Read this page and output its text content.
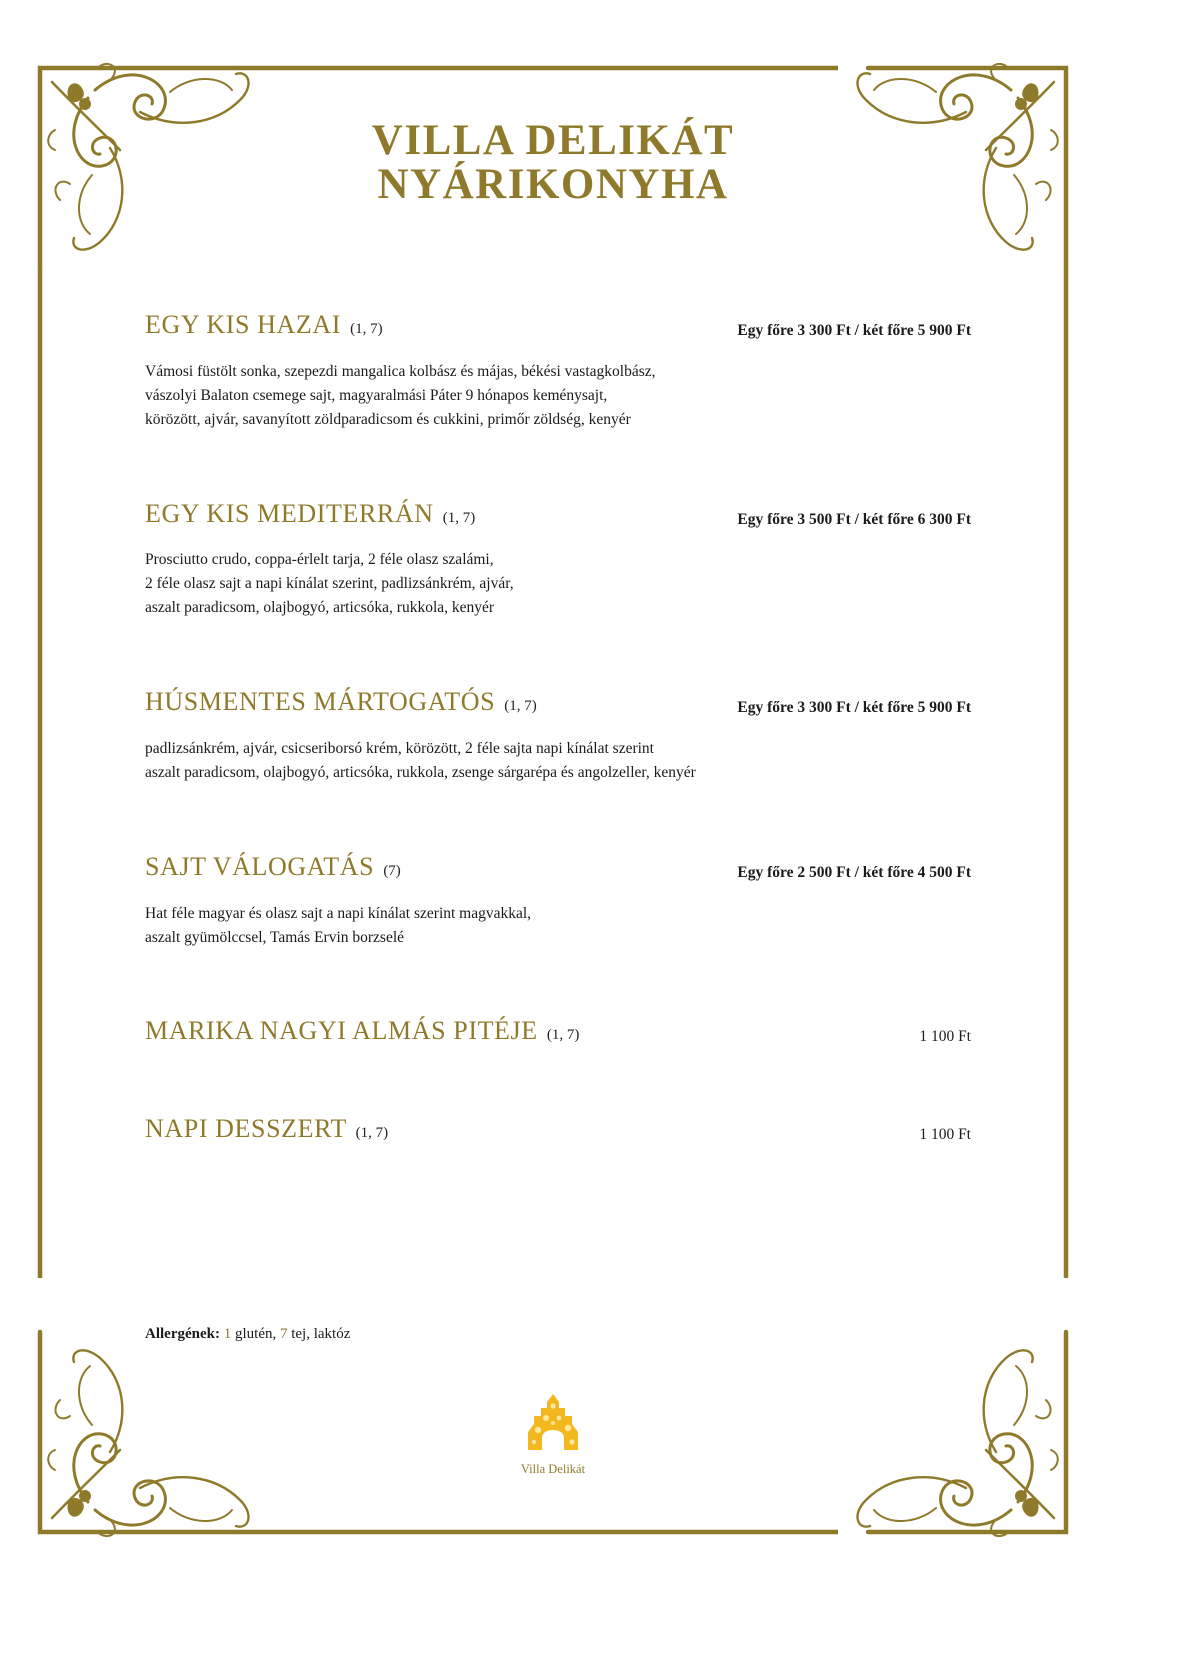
VILLA DELIKÁT
NYÁRIKONYHA
EGY KIS HAZAI (1, 7)	Egy főre 3 300 Ft / két főre 5 900 Ft

Vámosi füstölt sonka, szepezdi mangalica kolbász és májas, békési vastagkolbász,
vászolyi Balaton csemege sajt, magyaralmási Páter 9 hónapos keménysajt,
körözött, ajvár, savanyított zöldparadicsom és cukkini, primőr zöldség, kenyér

EGY KIS MEDITERRÁN (1, 7)	Egy főre 3 500 Ft / két főre 6 300 Ft

Prosciutto crudo, coppa-érlelt tarja, 2 féle olasz szalámi,
2 féle olasz sajt a napi kínálat szerint, padlizsánkrém, ajvár,
aszalt paradicsom, olajbogyó, articsóka, rukkola, kenyér

HÚSMENTES MÁRTOGATÓS (1, 7)	Egy főre 3 300 Ft / két főre 5 900 Ft

padlizsánkrém, ajvár, csicseriborsó krém, körözött, 2 féle sajta napi kínálat szerint
aszalt paradicsom, olajbogyó, articsóka, rukkola, zsenge sárgarépa és angolzeller, kenyér

SAJT VÁLOGATÁS (7)	Egy főre 2 500 Ft / két főre 4 500 Ft

Hat féle magyar és olasz sajt a napi kínálat szerint magvakkal,
aszalt gyümölccsel, Tamás Ervin borzselé

MARIKA NAGYI ALMÁS PITÉJE (1, 7)	1 100 Ft
NAPI DESSZERT (1, 7)	1 100 Ft
Allergének: 1 glutén, 7 tej, laktóz
Villa Delikát
